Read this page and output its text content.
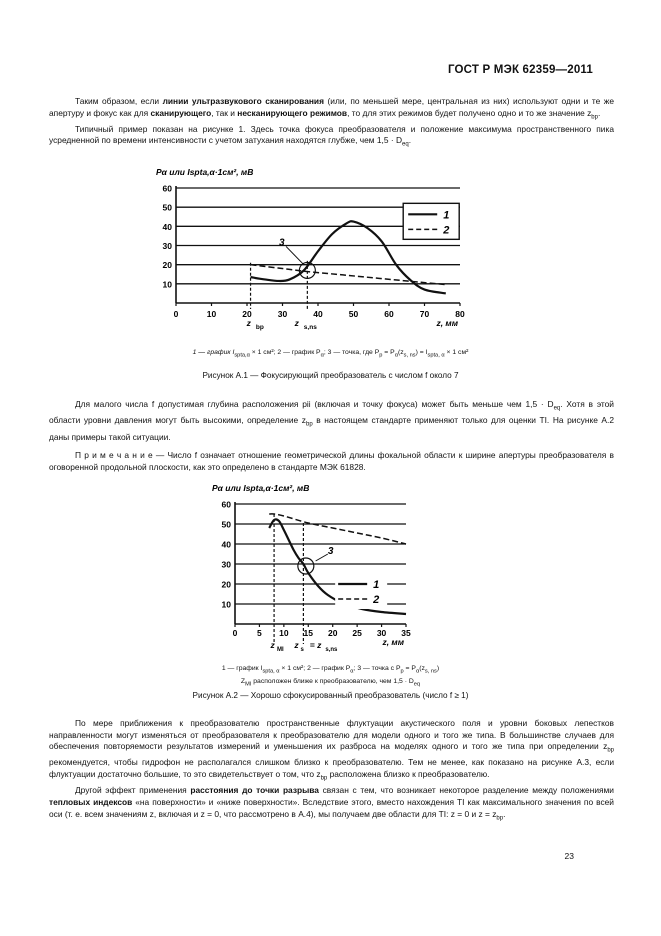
ГОСТ Р МЭК 62359—2011

Таким образом, если линии ультразвукового сканирования (или, по меньшей мере, центральная из них) используют одни и те же апертуру и фокус как для сканирующего, так и несканирующего режимов, то для этих режимов будет получено одно и то же значение $z_{bp}$.

Типичный пример показан на рисунке 1. Здесь точка фокуса преобразователя и положение максимума пространственного пика усредненной по времени интенсивности с учетом затухания находятся глубже, чем $1,5 \cdot D_{eq}$.

Pα или Ispta,α·1см², мВ
10
20
30
40
50
60
0	10	20	30	40	50	60	70	80
z, мм
3
z bp	z s,ns
1
2
1 — график $I_{spta,\alpha} \times 1$ см²; 2 — график $P_\alpha$; 3 — точка, где $P_p = P_\alpha(z_{s, ns}) = I_{spta, \alpha} \times 1$ см²
Рисунок А.1 — Фокусирующий преобразователь с числом f около 7

Для малого числа f допустимая глубина расположения pii (включая и точку фокуса) может быть меньше чем $1,5 \cdot D_{eq}$. Хотя в этой области уровни давления могут быть высокими, определение $z_{bp}$ в настоящем стандарте применяют только для оценки TI. На рисунке А.2 даны примеры такой ситуации.

П р и м е ч а н и е — Число f означает отношение геометрической длины фокальной области к ширине апертуры преобразователя в оговоренной продольной плоскости, как это определено в стандарте МЭК 61828.

Pα или Ispta,α·1см², мВ
10
20
30
40
50
60
0 5 10 15 20 25 30 35
z, мм
3
z MI z s = z s,ns
1
2
1 — график $I_{spta, \alpha} \times 1$ см²; 2 — график $P_\alpha$; 3 — точка с $P_p = P_\alpha(z_{s, ns})$
$Z_{MI}$ расположен ближе к преобразователю, чем $1,5 \cdot D_{eq}$
Рисунок А.2 — Хорошо сфокусированный преобразователь (число f ≥ 1)

По мере приближения к преобразователю пространственные флуктуации акустического поля и уровни боковых лепестков направленности могут изменяться от преобразователя к преобразователю для модели одного и того же типа. В большинстве случаев для обеспечения повторяемости результатов измерений и уменьшения их разброса на моделях одного и того же типа при определении $z_{bp}$ рекомендуется, чтобы гидрофон не располагался слишком близко к преобразователю. Тем не менее, как показано на рисунке А.3, если флуктуации достаточно большие, то это свидетельствует о том, что $z_{bp}$ расположена близко к преобразователю.

Другой эффект применения расстояния до точки разрыва связан с тем, что возникает некоторое разделение между положениями тепловых индексов «на поверхности» и «ниже поверхности». Вследствие этого, вместо нахождения TI как максимального значения по всей оси (т. е. всем значениям z, включая и z = 0, что рассмотрено в А.4), мы получаем две области для TI: z = 0 и $z = z_{bp}$.

23
